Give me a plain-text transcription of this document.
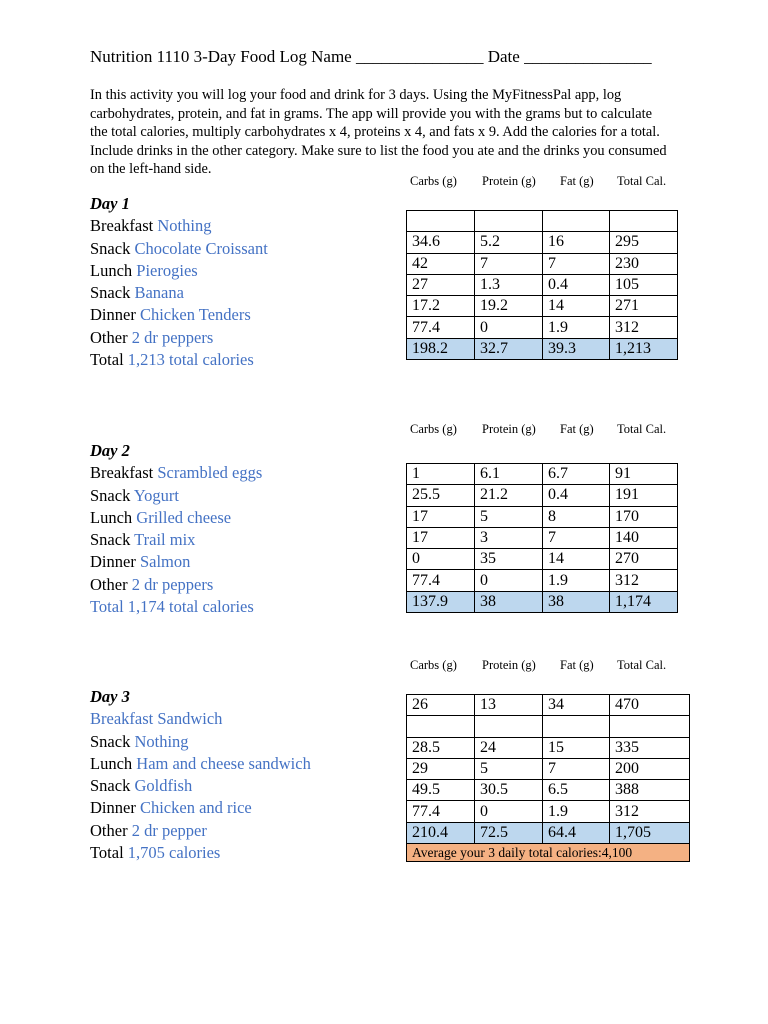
Nutrition 1110 3-Day Food Log Name _______________ Date _______________
In this activity you will log your food and drink for 3 days. Using the MyFitnessPal app, log carbohydrates, protein, and fat in grams. The app will provide you with the grams but to calculate the total calories, multiply carbohydrates x 4, proteins x 4, and fats x 9. Add the calories for a total. Include drinks in the other category. Make sure to list the food you ate and the drinks you consumed on the left-hand side.
Carbs (g) Protein (g) Fat (g) Total Cal.
Day 1
Breakfast Nothing
Snack Chocolate Croissant
Lunch Pierogies
Snack Banana
Dinner Chicken Tenders
Other 2 dr peppers
Total 1,213 total calories

34.6	5.2	16	295
42	7	7	230
27	1.3	0.4	105
17.2	19.2	14	271
77.4	0	1.9	312
198.2	32.7	39.3	1,213
Carbs (g) Protein (g) Fat (g) Total Cal.
Day 2
Breakfast Scrambled eggs
Snack Yogurt
Lunch Grilled cheese
Snack Trail mix
Dinner Salmon
Other 2 dr peppers
Total 1,174 total calories
1	6.1	6.7	91
25.5	21.2	0.4	191
17	5	8	170
17	3	7	140
0	35	14	270
77.4	0	1.9	312
137.9	38	38	1,174
Carbs (g) Protein (g) Fat (g) Total Cal.
Day 3
Breakfast Sandwich
Snack Nothing
Lunch Ham and cheese sandwich
Snack Goldfish
Dinner Chicken and rice
Other 2 dr pepper
Total 1,705 calories
26	13	34	470

28.5	24	15	335
29	5	7	200
49.5	30.5	6.5	388
77.4	0	1.9	312
210.4	72.5	64.4	1,705
Average your 3 daily total calories:4,100			
